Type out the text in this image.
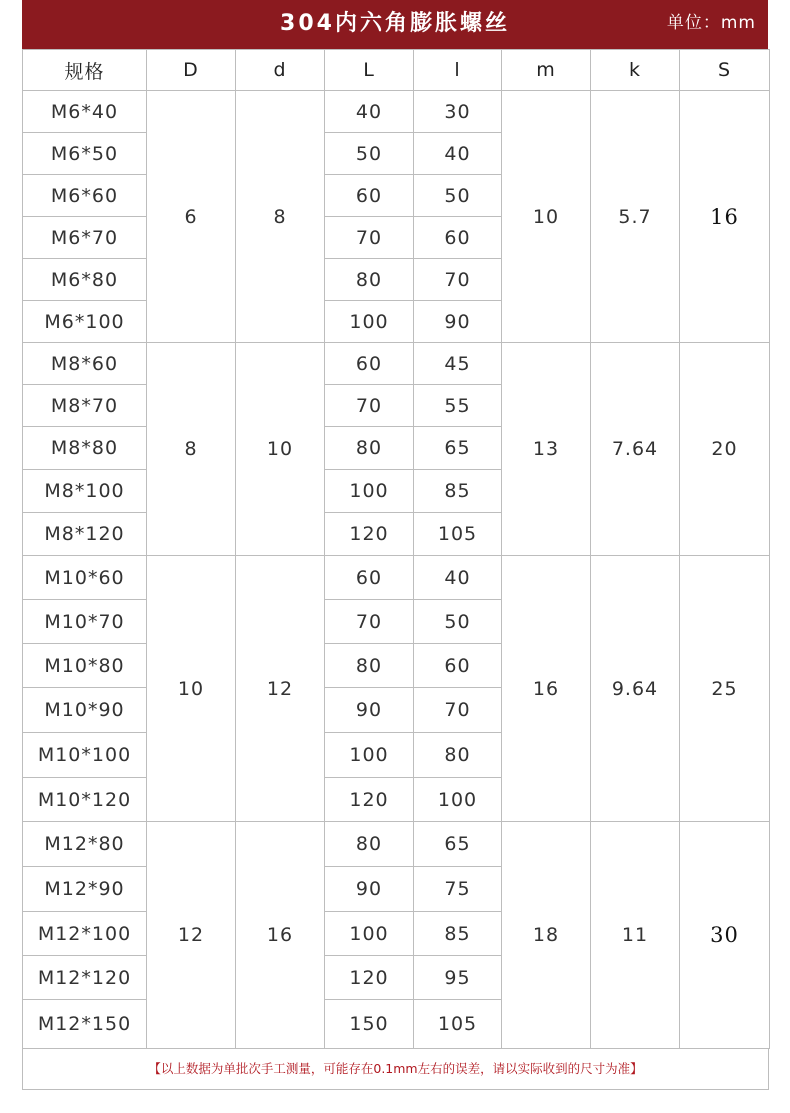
304内六角膨胀螺丝	单位：mm
规格	D	d	L	l	m	k	S
M6*40	6	8	40	30	10	5.7	16
M6*50			50	40			
M6*60			60	50			
M6*70			70	60			
M6*80			80	70			
M6*100			100	90			
M8*60	8	10	60	45	13	7.64	20
M8*70			70	55			
M8*80			80	65			
M8*100			100	85			
M8*120			120	105			
M10*60	10	12	60	40	16	9.64	25
M10*70			70	50			
M10*80			80	60			
M10*90			90	70			
M10*100			100	80			
M10*120			120	100			
M12*80	12	16	80	65	18	11	30
M12*90			90	75			
M12*100			100	85			
M12*120			120	95			
M12*150			150	105			
【以上数据为单批次手工测量，可能存在0.1mm左右的误差，请以实际收到的尺寸为准】
